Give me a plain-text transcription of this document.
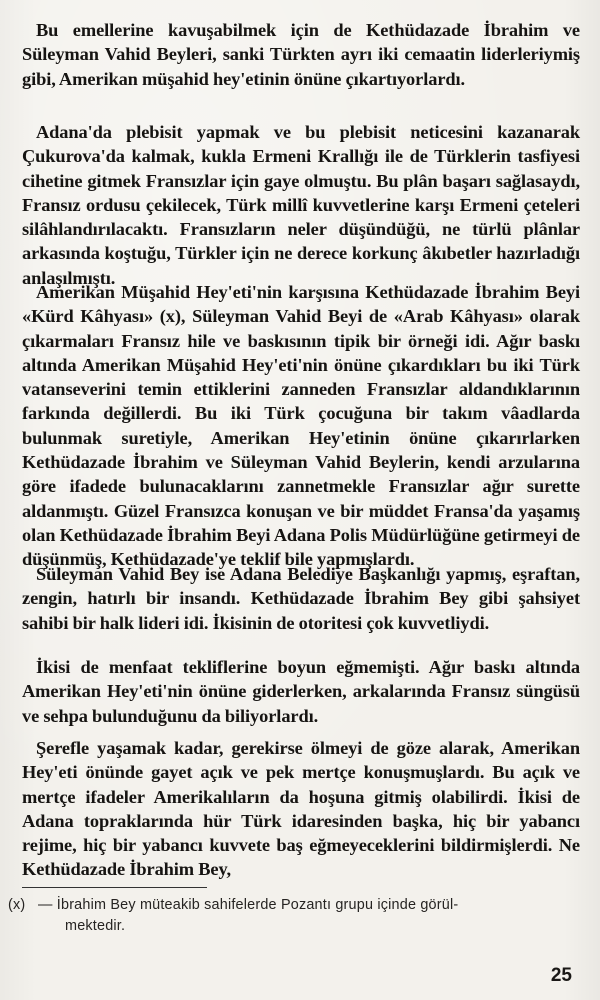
Bu emellerine kavuşabilmek için de Kethüdazade İbrahim ve Süleyman Vahid Beyleri, sanki Türkten ayrı iki cemaatin liderleriymiş gibi, Amerikan müşahid hey'etinin önüne çıkartıyorlardı.

Adana'da plebisit yapmak ve bu plebisit neticesini kazanarak Çukurova'da kalmak, kukla Ermeni Krallığı ile de Türklerin tasfiyesi cihetine gitmek Fransızlar için gaye olmuştu. Bu plân başarı sağlasaydı, Fransız ordusu çekilecek, Türk millî kuvvetlerine karşı Ermeni çeteleri silâhlandırılacaktı. Fransızların neler düşündüğü, ne türlü plânlar arkasında koştuğu, Türkler için ne derece korkunç âkıbetler hazırladığı anlaşılmıştı.

Amerikan Müşahid Hey'eti'nin karşısına Kethüdazade İbrahim Beyi «Kürd Kâhyası» (x), Süleyman Vahid Beyi de «Arab Kâhyası» olarak çıkarmaları Fransız hile ve baskısının tipik bir örneği idi. Ağır baskı altında Amerikan Müşahid Hey'eti'nin önüne çıkardıkları bu iki Türk vatanseverini temin ettiklerini zanneden Fransızlar aldandıklarının farkında değillerdi. Bu iki Türk çocuğuna bir takım vâadlarda bulunmak suretiyle, Amerikan Hey'etinin önüne çıkarırlarken Kethüdazade İbrahim ve Süleyman Vahid Beylerin, kendi arzularına göre ifadede bulunacaklarını zannetmekle Fransızlar ağır surette aldanmıştı. Güzel Fransızca konuşan ve bir müddet Fransa'da yaşamış olan Kethüdazade İbrahim Beyi Adana Polis Müdürlüğüne getirmeyi de düşünmüş, Kethüdazade'ye teklif bile yapmışlardı.

Süleyman Vahid Bey ise Adana Belediye Başkanlığı yapmış, eşraftan, zengin, hatırlı bir insandı. Kethüdazade İbrahim Bey gibi şahsiyet sahibi bir halk lideri idi. İkisinin de otoritesi çok kuvvetliydi.

İkisi de menfaat tekliflerine boyun eğmemişti. Ağır baskı altında Amerikan Hey'eti'nin önüne giderlerken, arkalarında Fransız süngüsü ve sehpa bulunduğunu da biliyorlardı.

Şerefle yaşamak kadar, gerekirse ölmeyi de göze alarak, Amerikan Hey'eti önünde gayet açık ve pek mertçe konuşmuşlardı. Bu açık ve mertçe ifadeler Amerikalıların da hoşuna gitmiş olabilirdi. İkisi de Adana topraklarında hür Türk idaresinden başka, hiç bir yabancı rejime, hiç bir yabancı kuvvete baş eğmeyeceklerini bildirmişlerdi. Ne Kethüdazade İbrahim Bey,

(x) — İbrahim Bey müteakib sahifelerde Pozantı grupu içinde görül-
mektedir.
25
